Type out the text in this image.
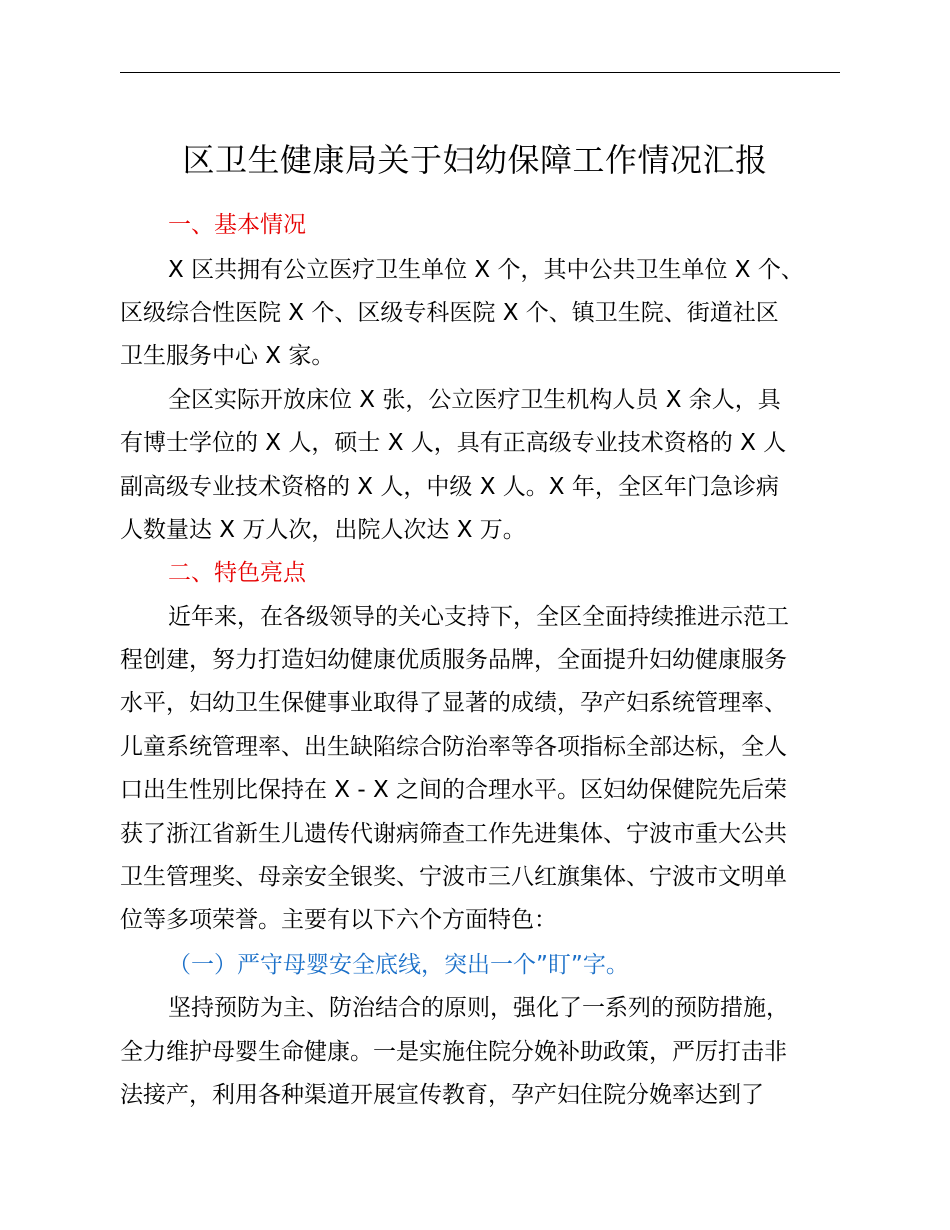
区卫生健康局关于妇幼保障工作情况汇报
一、基本情况
X 区共拥有公立医疗卫生单位 X 个，其中公共卫生单位 X 个、
区级综合性医院 X 个、区级专科医院 X 个、镇卫生院、街道社区
卫生服务中心 X 家。
全区实际开放床位 X 张，公立医疗卫生机构人员 X 余人，具
有博士学位的 X 人，硕士 X 人，具有正高级专业技术资格的 X 人
副高级专业技术资格的 X 人，中级 X 人。X 年，全区年门急诊病
人数量达 X 万人次，出院人次达 X 万。
二、特色亮点
近年来，在各级领导的关心支持下，全区全面持续推进示范工
程创建，努力打造妇幼健康优质服务品牌，全面提升妇幼健康服务
水平，妇幼卫生保健事业取得了显著的成绩，孕产妇系统管理率、
儿童系统管理率、出生缺陷综合防治率等各项指标全部达标，全人
口出生性别比保持在 X - X 之间的合理水平。区妇幼保健院先后荣
获了浙江省新生儿遗传代谢病筛查工作先进集体、宁波市重大公共
卫生管理奖、母亲安全银奖、宁波市三八红旗集体、宁波市文明单
位等多项荣誉。主要有以下六个方面特色：
（一）严守母婴安全底线，突出一个”盯”字。
坚持预防为主、防治结合的原则，强化了一系列的预防措施，
全力维护母婴生命健康。一是实施住院分娩补助政策，严厉打击非
法接产，利用各种渠道开展宣传教育，孕产妇住院分娩率达到了
